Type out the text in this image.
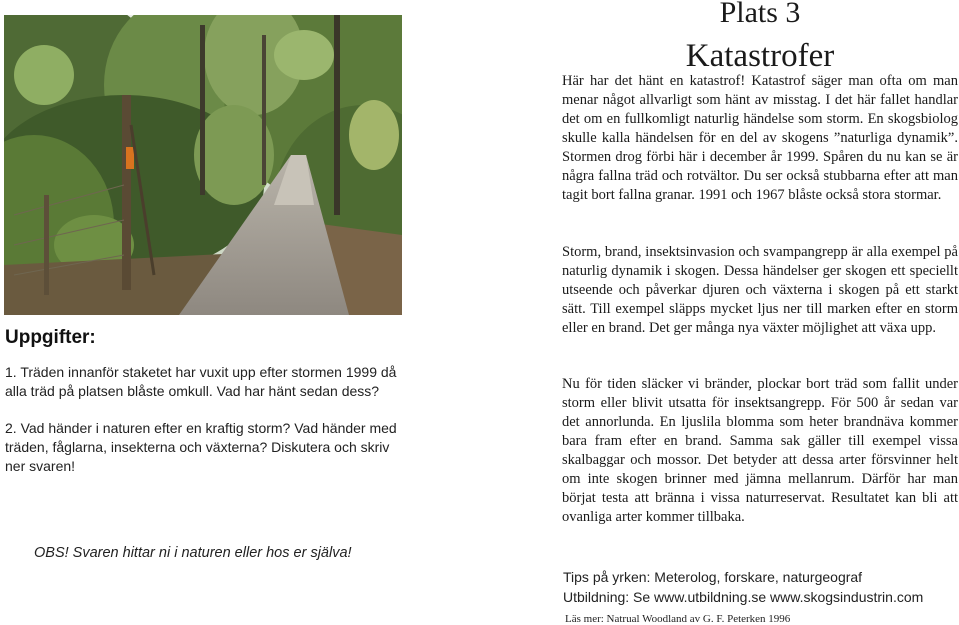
Plats 3
Katastrofer

Här har det hänt en katastrof! Katastrof säger man ofta om man menar något allvarligt som hänt av misstag. I det här fallet handlar det om en fullkomligt naturlig händelse som storm. En skogsbiolog skulle kalla händelsen för en del av skogens ”naturliga dynamik”. Stormen drog förbi här i december år 1999. Spåren du nu kan se är några fallna träd och rotvältor. Du ser också stubbarna efter att man tagit bort fallna granar. 1991 och 1967 blåste också stora stormar.

Storm, brand, insektsinvasion och svampangrepp är alla exempel på naturlig dynamik i skogen. Dessa händelser ger skogen ett speciellt utseende och påverkar djuren och växterna i skogen på ett starkt sätt. Till exempel släpps mycket ljus ner till marken efter en storm eller en brand. Det ger många nya växter möjlighet att växa upp.

Nu för tiden släcker vi bränder, plockar bort träd som fallit under storm eller blivit utsatta för insektsangrepp. För 500 år sedan var det annorlunda. En ljuslila blomma som heter brandnäva kommer bara fram efter en brand. Samma sak gäller till exempel vissa skalbaggar och mossor. Det betyder att dessa arter försvinner helt om inte skogen brinner med jämna mellanrum. Därför har man börjat testa att bränna i vissa naturreservat. Resultatet kan bli att ovanliga arter kommer tillbaka.

Uppgifter:

1. Träden innanför staketet har vuxit upp efter stormen 1999 då alla träd på platsen blåste omkull. Vad har hänt sedan dess?

2. Vad händer i naturen efter en kraftig storm? Vad händer med träden, fåglarna, insekterna och växterna? Diskutera och skriv ner svaren!

OBS! Svaren hittar ni i naturen eller hos er själva!

Tips på yrken: Meterolog, forskare, naturgeograf
Utbildning: Se www.utbildning.se www.skogsindustrin.com

Läs mer: Natrual Woodland av G. F. Peterken 1996
